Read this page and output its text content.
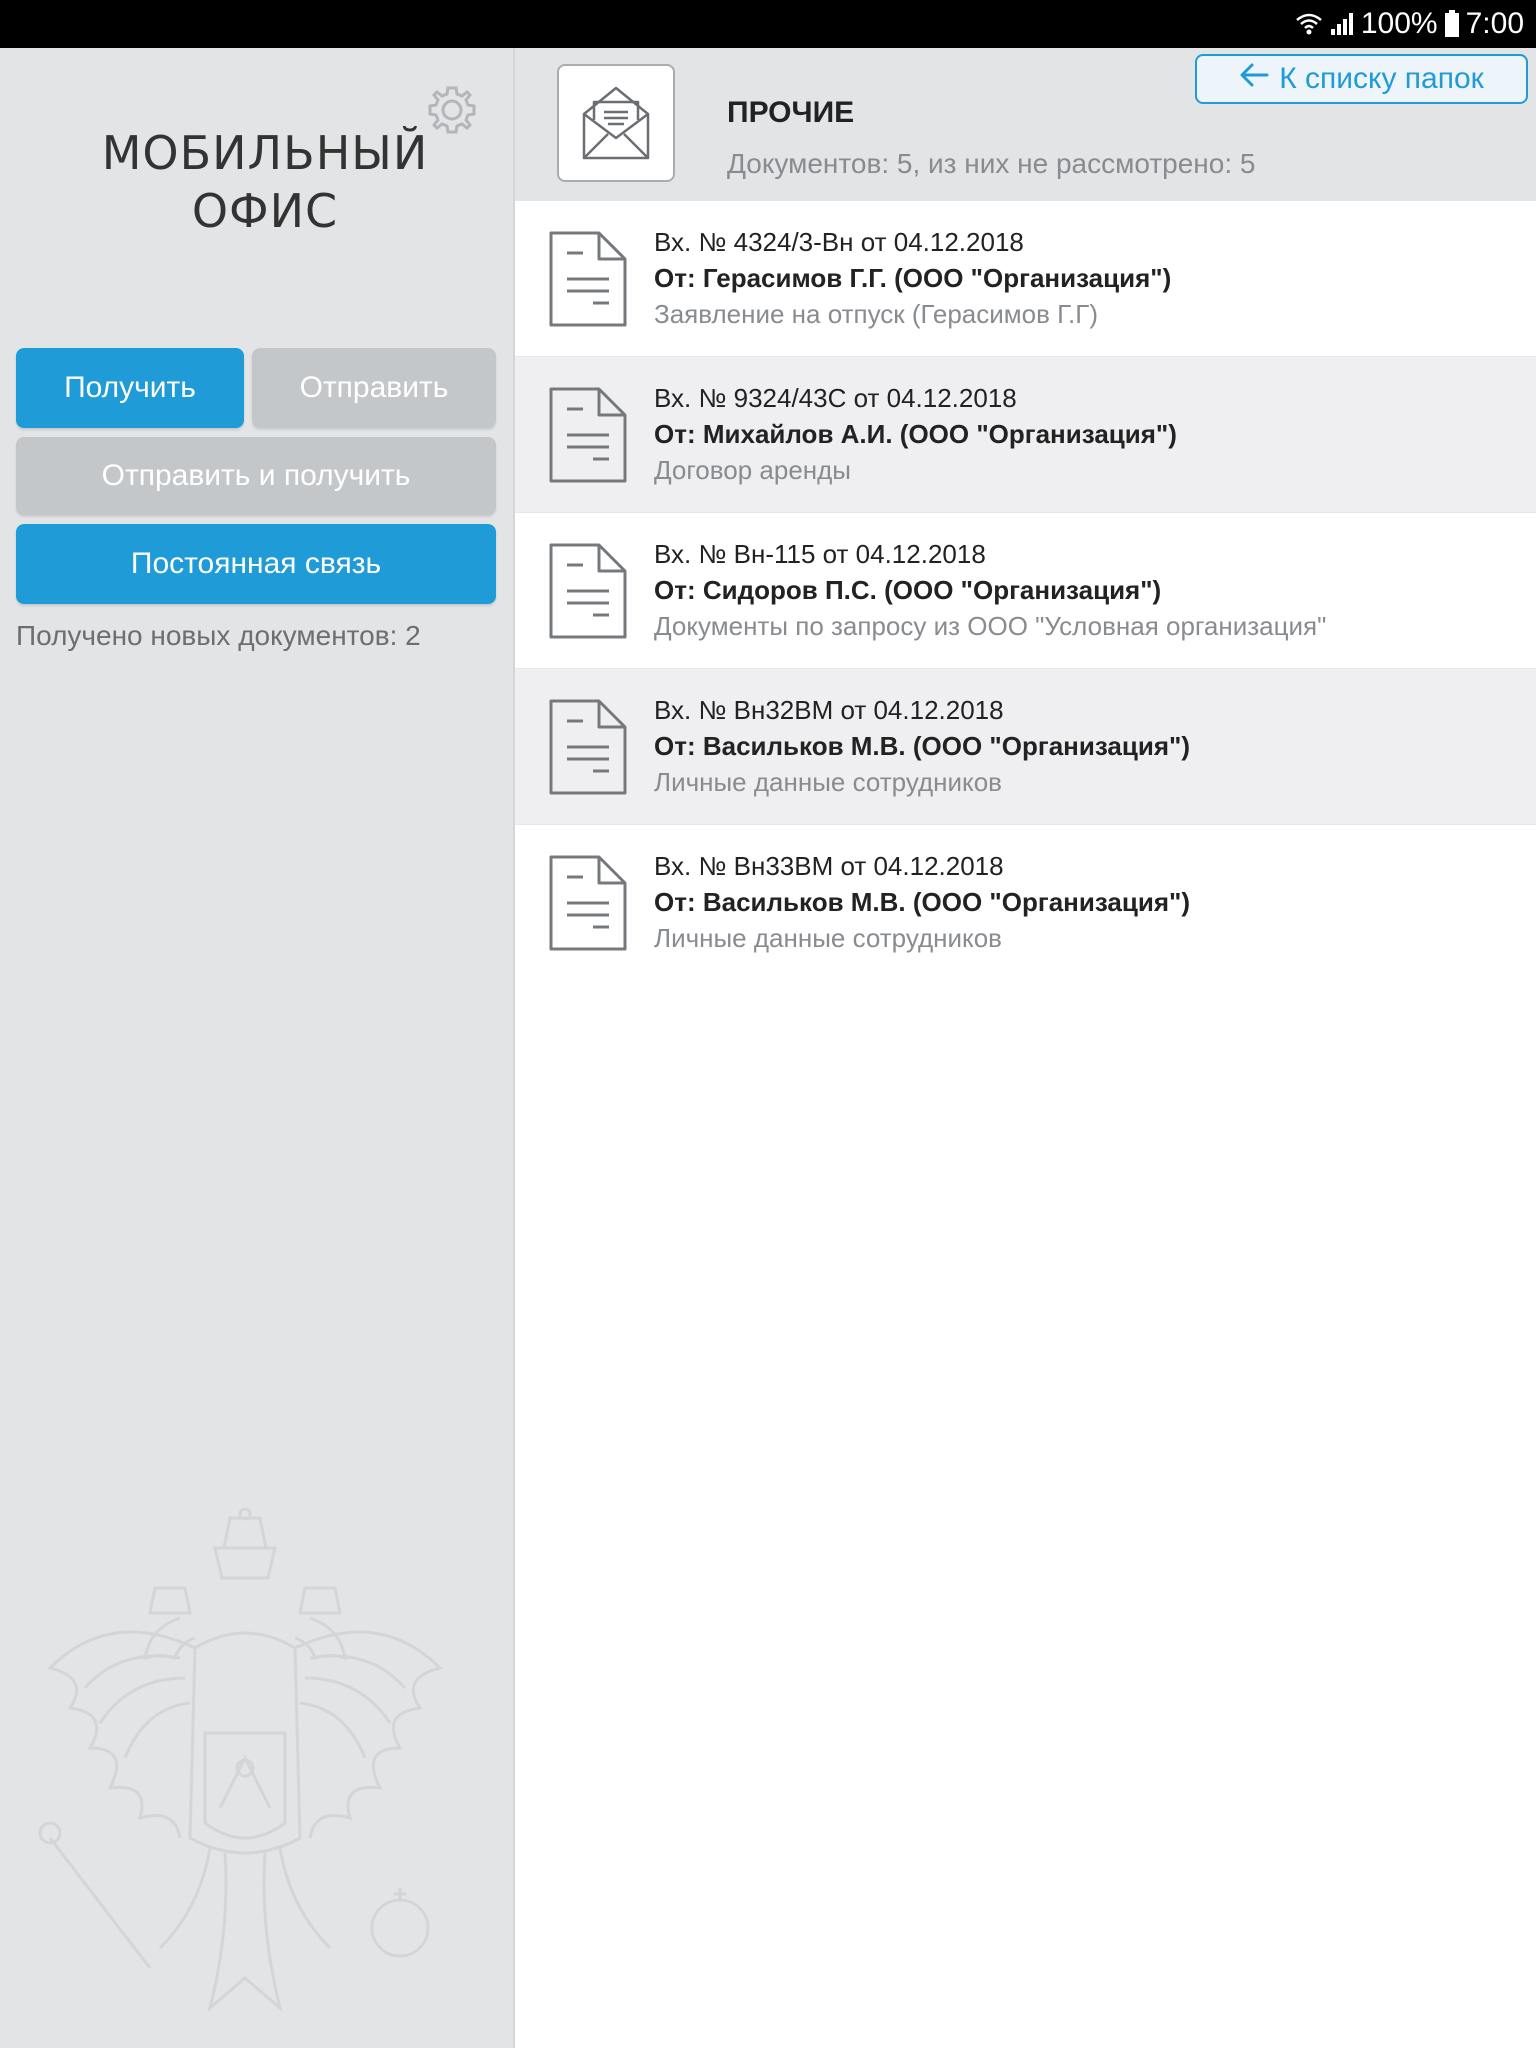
100% 7:00
МОБИЛЬНЫЙ
ОФИС
Получить	Отправить
Отправить и получить
Постоянная связь
Получено новых документов: 2
ПРОЧИЕ
Документов: 5, из них не рассмотрено: 5
К списку папок
Вх. № 4324/3-Вн от 04.12.2018
От: Герасимов Г.Г. (ООО "Организация")
Заявление на отпуск (Герасимов Г.Г)
Вх. № 9324/43С от 04.12.2018
От: Михайлов А.И. (ООО "Организация")
Договор аренды
Вх. № Вн-115 от 04.12.2018
От: Сидоров П.С. (ООО "Организация")
Документы по запросу из ООО "Условная организация"
Вх. № Вн32ВМ от 04.12.2018
От: Васильков М.В. (ООО "Организация")
Личные данные сотрудников
Вх. № Вн33ВМ от 04.12.2018
От: Васильков М.В. (ООО "Организация")
Личные данные сотрудников
